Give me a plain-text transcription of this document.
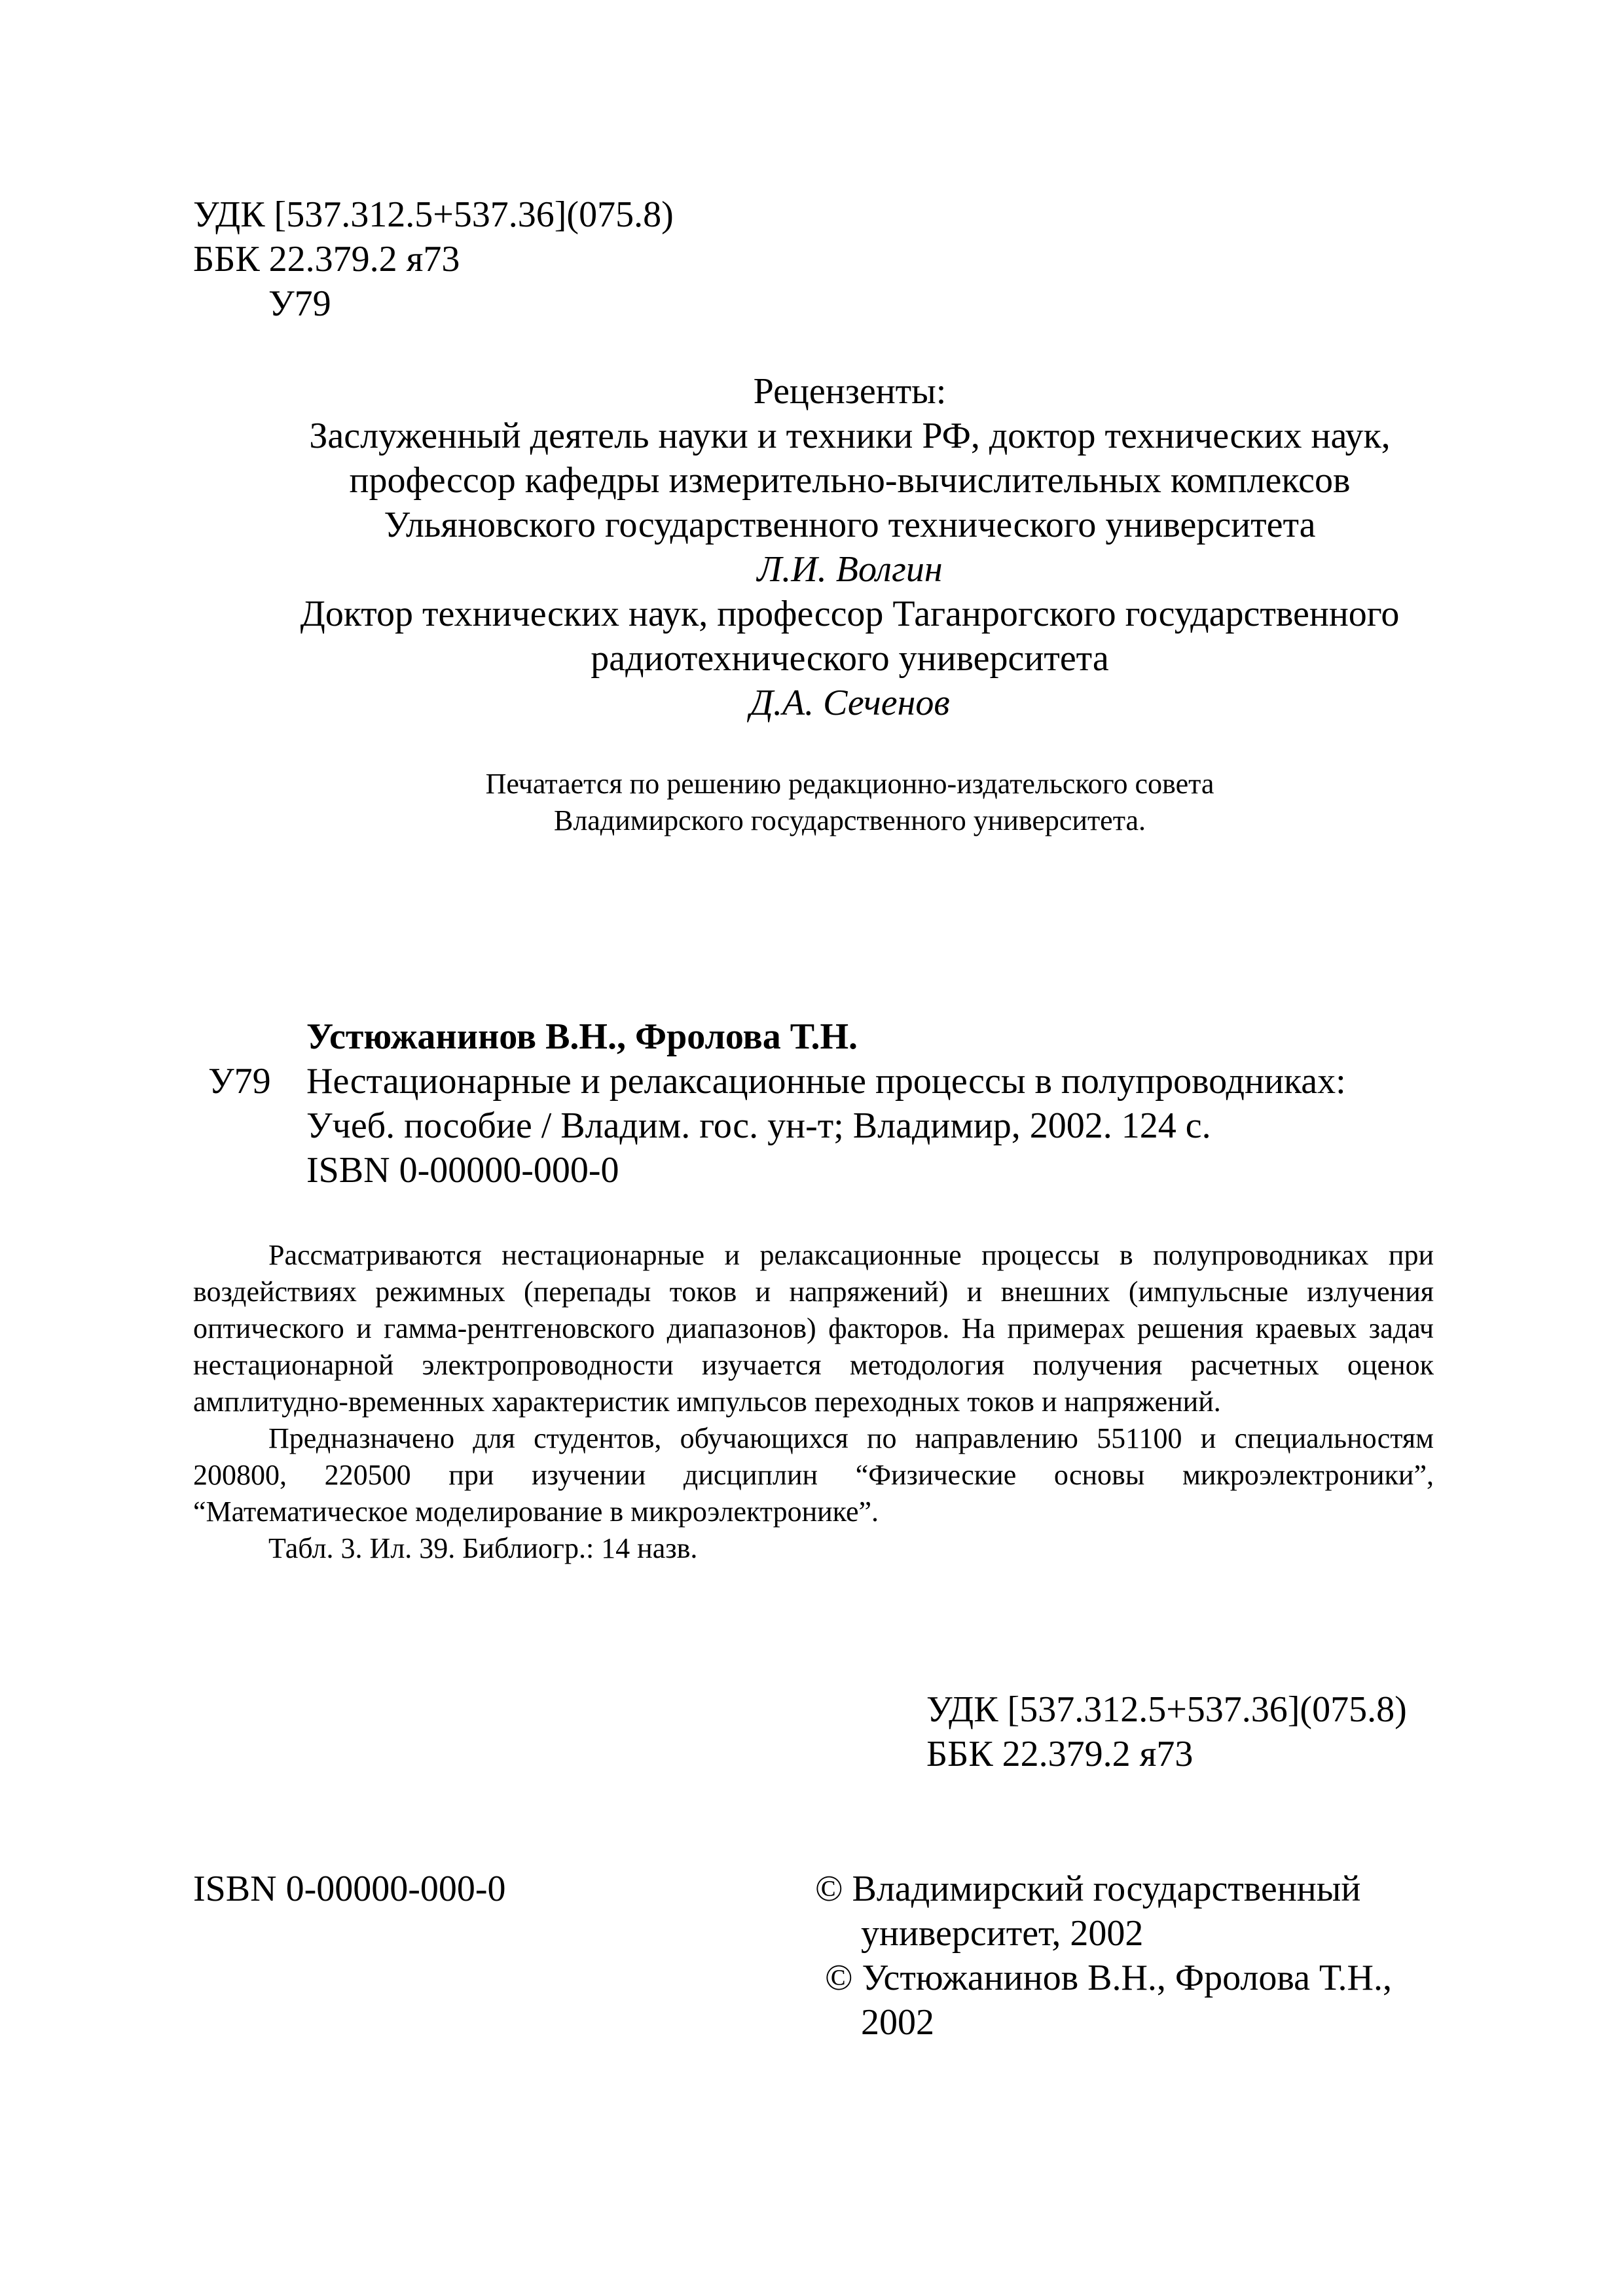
УДК [537.312.5+537.36](075.8)
ББК 22.379.2 я73
У79
Рецензенты:
Заслуженный деятель науки и техники РФ, доктор технических наук,
профессор кафедры измерительно-вычислительных комплексов
Ульяновского государственного технического университета
Л.И. Волгин
Доктор технических наук, профессор Таганрогского государственного
радиотехнического университета
Д.А. Сеченов
Печатается по решению редакционно-издательского совета
Владимирского государственного университета.
Устюжанинов В.Н., Фролова Т.Н.
У79 Нестационарные и релаксационные процессы в полупроводниках:
Учеб. пособие / Владим. гос. ун-т; Владимир, 2002. 124 с.
ISBN 0-00000-000-0

Рассматриваются нестационарные и релаксационные процессы в полупроводниках при воздействиях режимных (перепады токов и напряжений) и внешних (импульсные излучения оптического и гамма-рентгеновского диапазонов) факторов. На примерах решения краевых задач нестационарной электропроводности изучается методология получения расчетных оценок амплитудно-временных характеристик импульсов переходных токов и напряжений.

Предназначено для студентов, обучающихся по направлению 551100 и специальностям 200800, 220500 при изучении дисциплин “Физические основы микроэлектроники”, “Математическое моделирование в микроэлектронике”.

Табл. 3. Ил. 39. Библиогр.: 14 назв.

УДК [537.312.5+537.36](075.8)
ББК 22.379.2 я73
ISBN 0-00000-000-0	© Владимирский государственный
университет, 2002
© Устюжанинов В.Н., Фролова Т.Н.,
2002
